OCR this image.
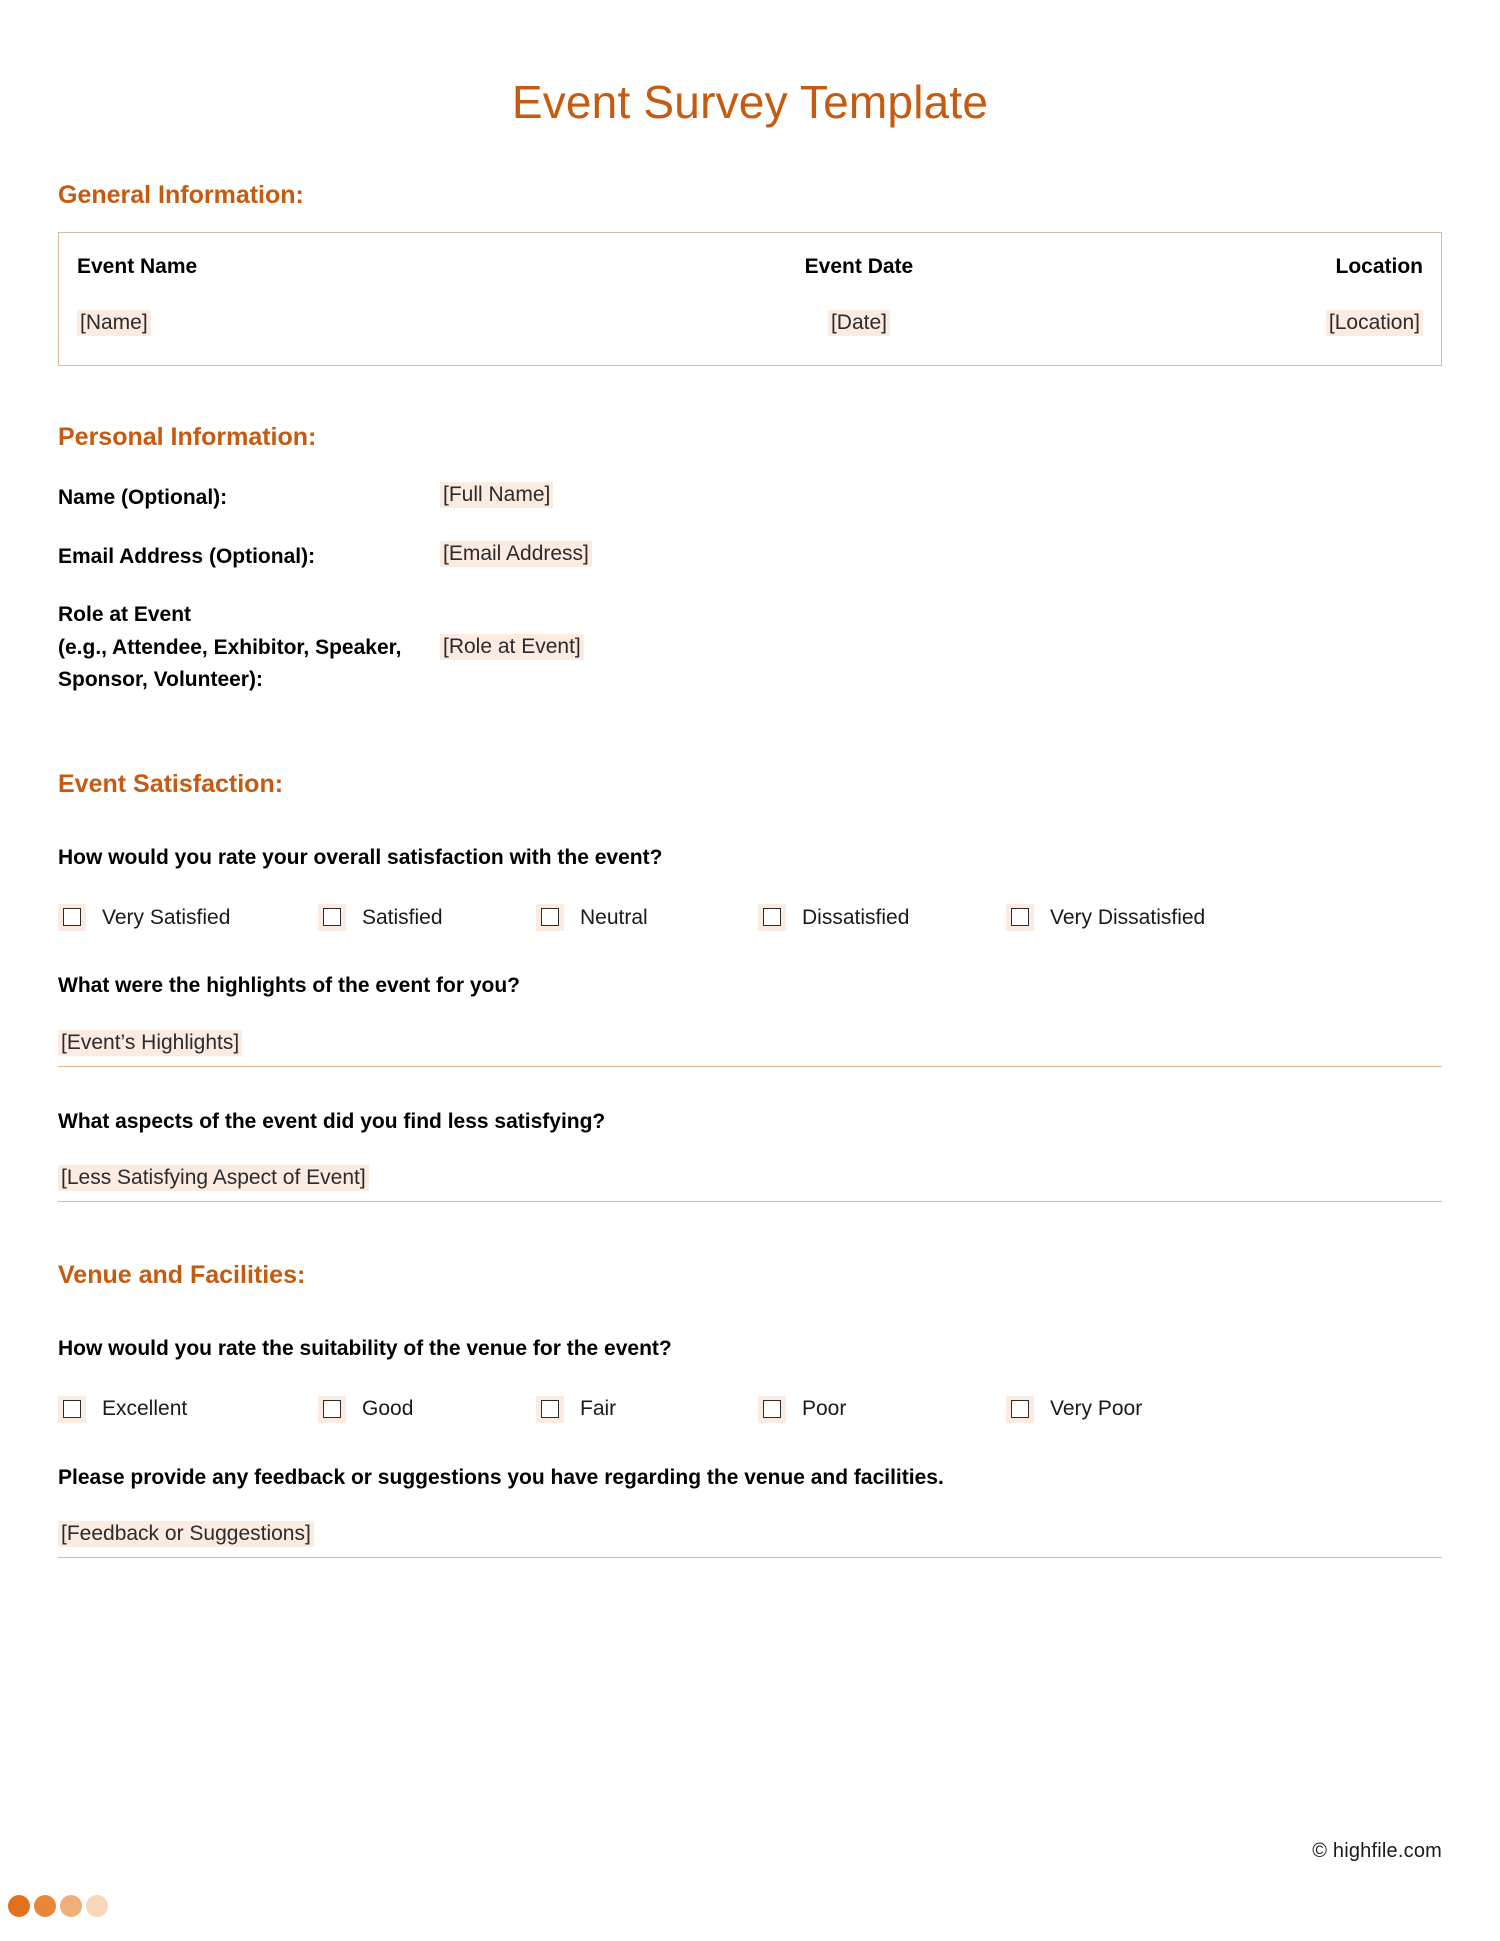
Event Survey Template
General Information:
Event Name	Event Date	Location
[Name]	[Date]	[Location]
Personal Information:
Name (Optional):	[Full Name]
Email Address (Optional):	[Email Address]
Role at Event
(e.g., Attendee, Exhibitor, Speaker,
Sponsor, Volunteer):
[Role at Event]
Event Satisfaction:
How would you rate your overall satisfaction with the event?
Very Satisfied	Satisfied	Neutral	Dissatisfied	Very Dissatisfied
What were the highlights of the event for you?
[Event’s Highlights]
What aspects of the event did you find less satisfying?
[Less Satisfying Aspect of Event]
Venue and Facilities:
How would you rate the suitability of the venue for the event?
Excellent	Good	Fair	Poor	Very Poor
Please provide any feedback or suggestions you have regarding the venue and facilities.
[Feedback or Suggestions]
© highfile.com
